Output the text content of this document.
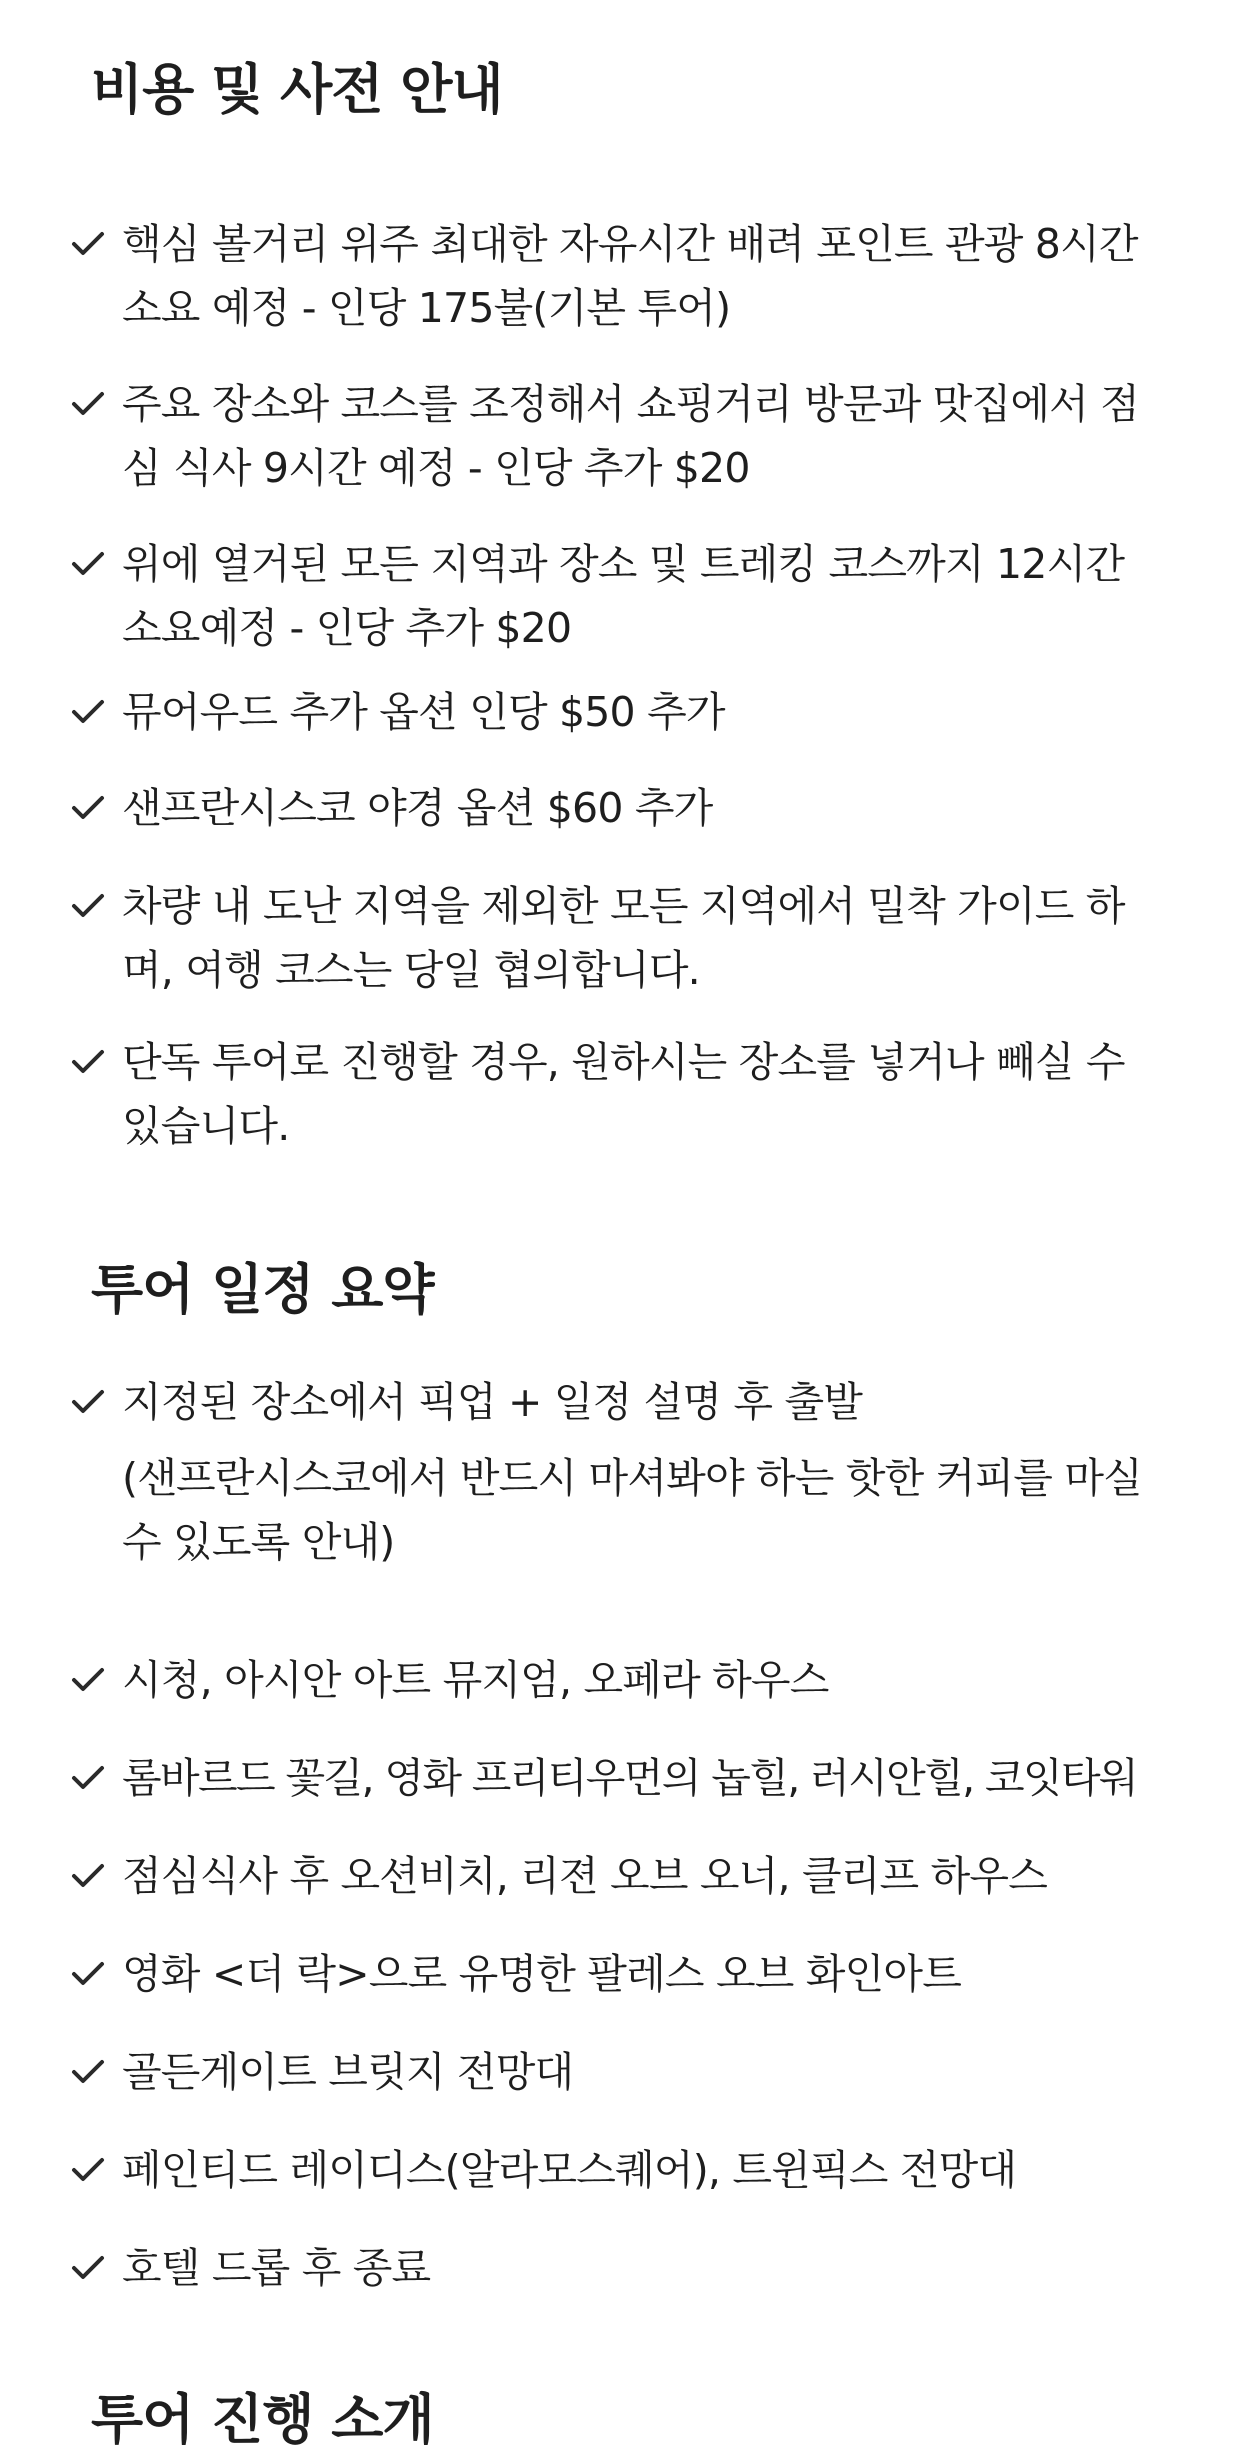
비용 및 사전 안내
핵심 볼거리 위주 최대한 자유시간 배려 포인트 관광 8시간
소요 예정 - 인당 175불(기본 투어)
주요 장소와 코스를 조정해서 쇼핑거리 방문과 맛집에서 점
심 식사 9시간 예정 - 인당 추가 $20
위에 열거된 모든 지역과 장소 및 트레킹 코스까지 12시간
소요예정 - 인당 추가 $20
뮤어우드 추가 옵션 인당 $50 추가
샌프란시스코 야경 옵션 $60 추가
차량 내 도난 지역을 제외한 모든 지역에서 밀착 가이드 하
며, 여행 코스는 당일 협의합니다.
단독 투어로 진행할 경우, 원하시는 장소를 넣거나 빼실 수
있습니다.
투어 일정 요약
지정된 장소에서 픽업 + 일정 설명 후 출발
(샌프란시스코에서 반드시 마셔봐야 하는 핫한 커피를 마실
수 있도록 안내)
시청, 아시안 아트 뮤지엄, 오페라 하우스
롬바르드 꽃길, 영화 프리티우먼의 놉힐, 러시안힐, 코잇타워
점심식사 후 오션비치, 리젼 오브 오너, 클리프 하우스
영화 <더 락>으로 유명한 팔레스 오브 화인아트
골든게이트 브릿지 전망대
페인티드 레이디스(알라모스퀘어), 트윈픽스 전망대
호텔 드롭 후 종료
투어 진행 소개
